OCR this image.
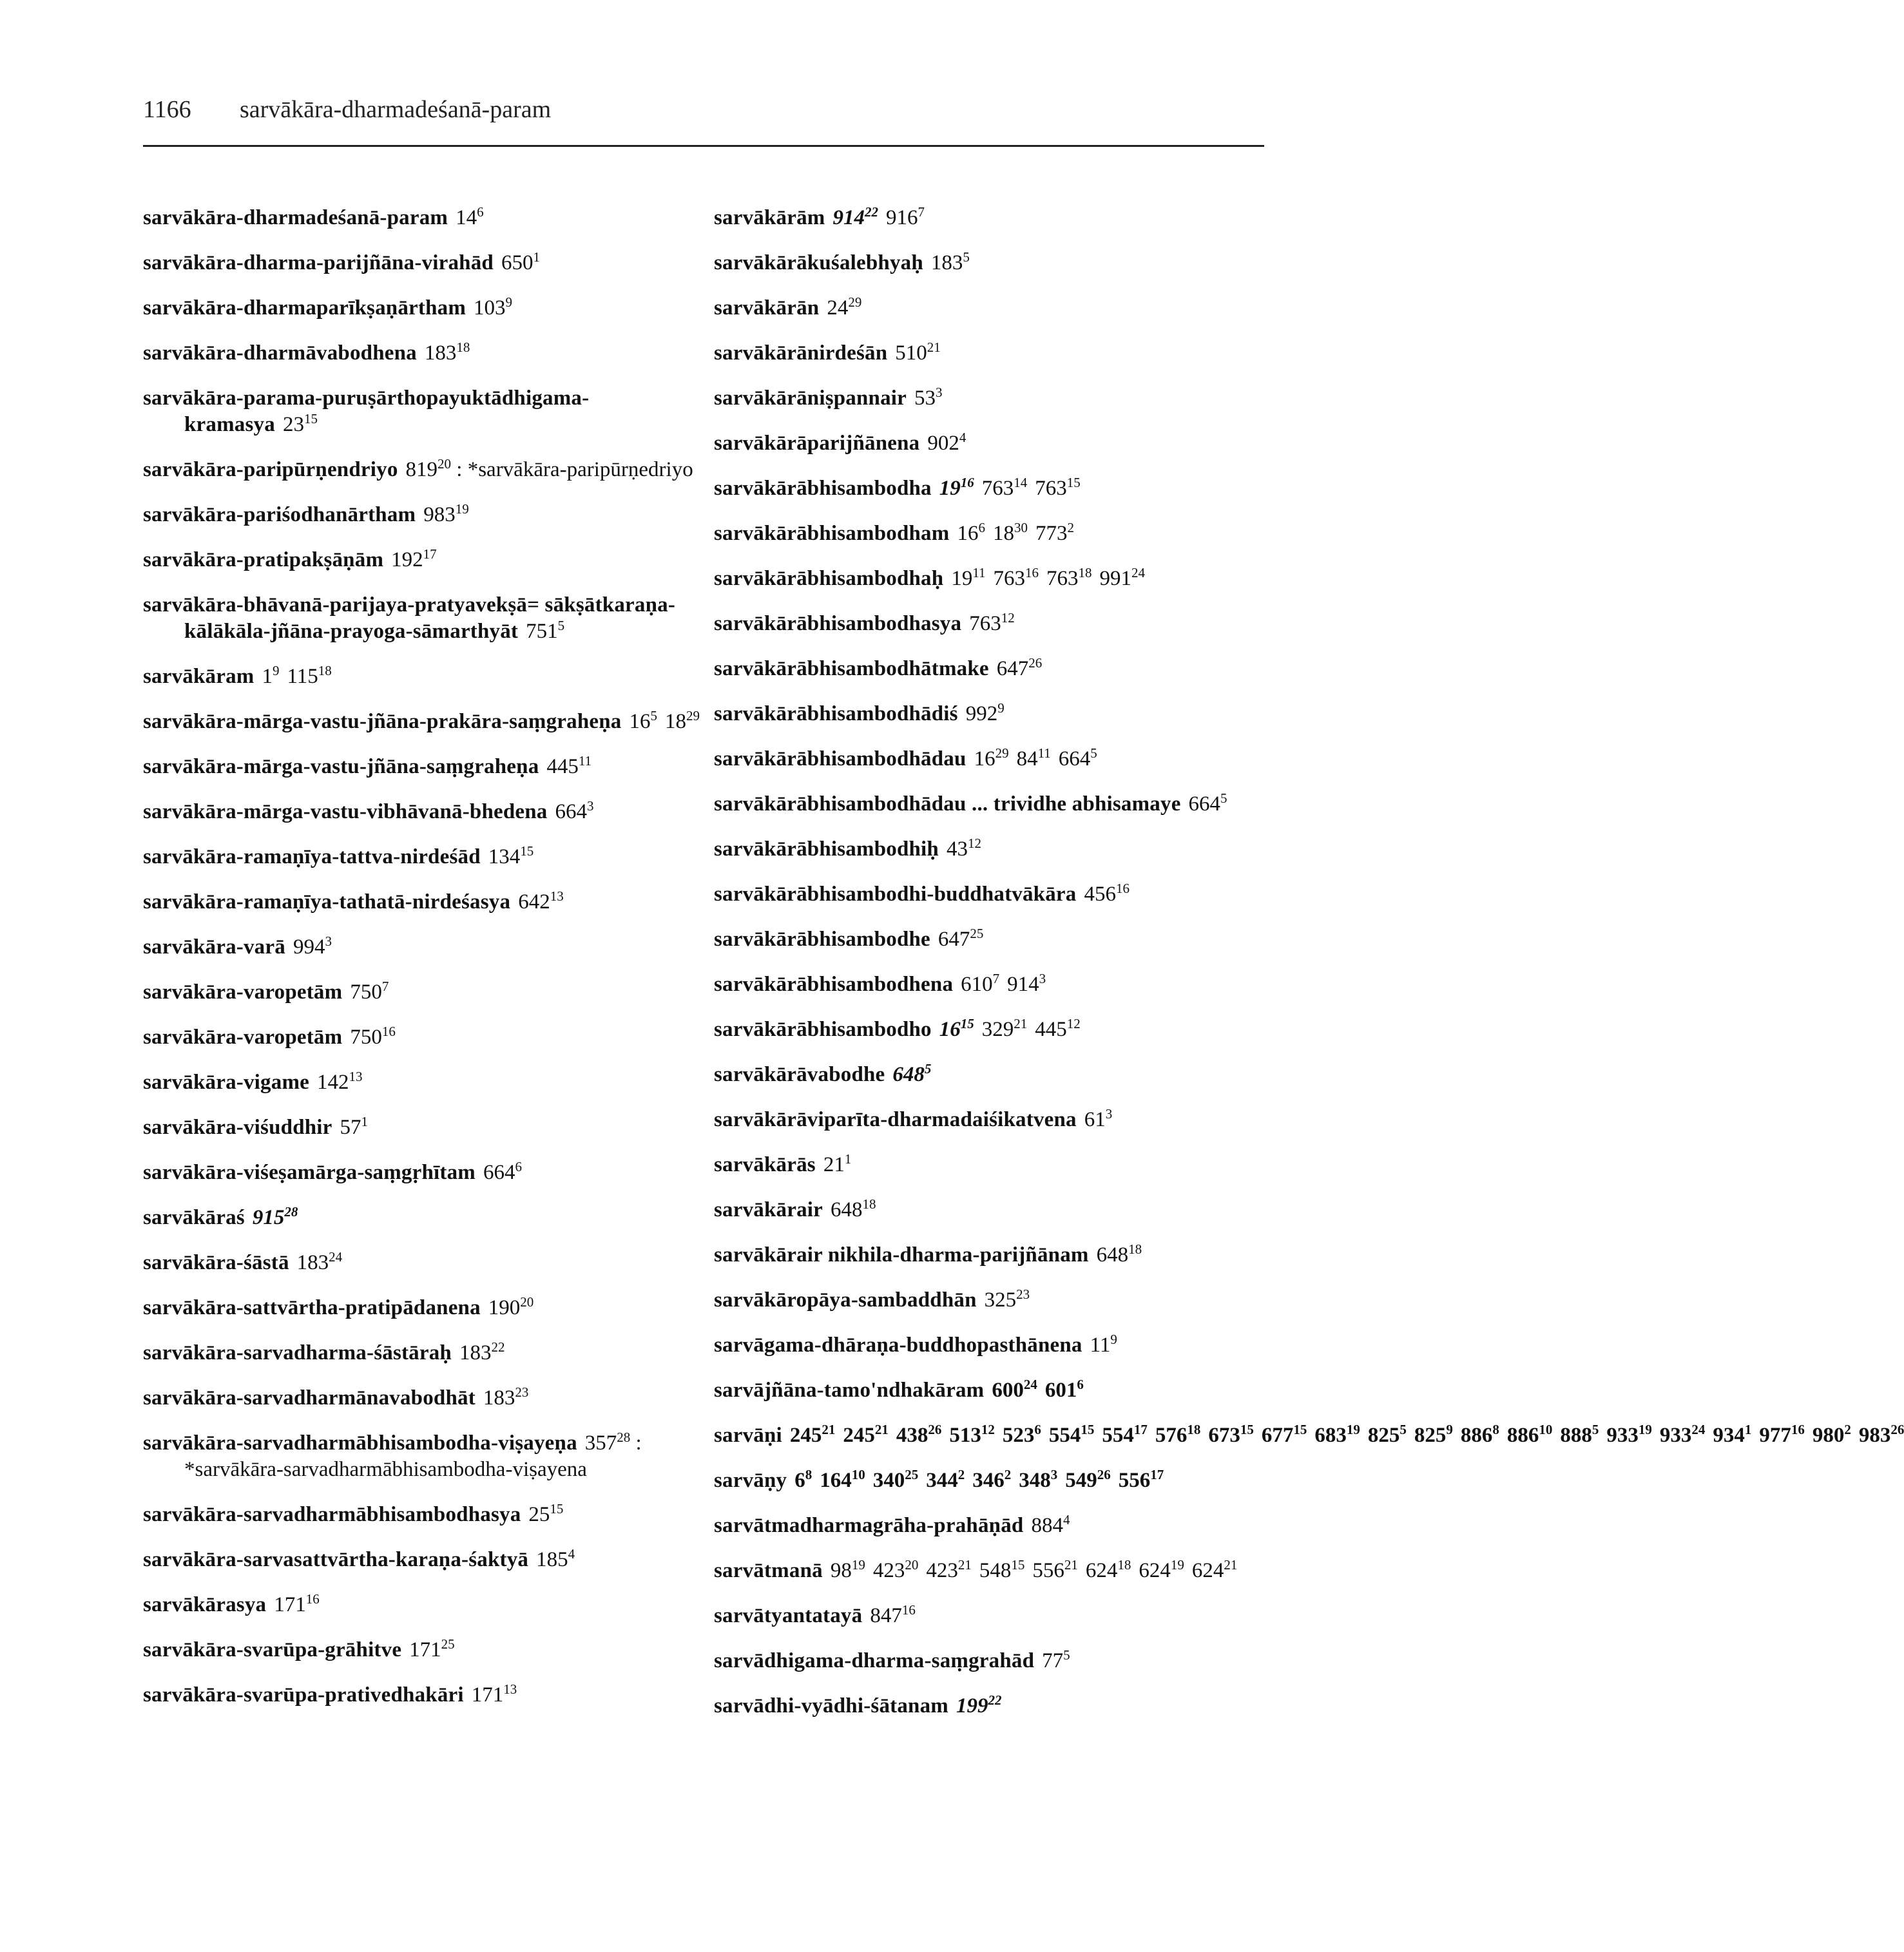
1166 sarvākāra-dharmadeśanā-param
sarvākāra-dharmadeśanā-param $14^6$
sarvākāra-dharma-parijñāna-virahād $650^1$
sarvākāra-dharmaparīkṣaṇārtham $103^9$
sarvākāra-dharmāvabodhena $183^{18}$
sarvākāra-parama-puruṣārthopayuktādhigama-kramasya $23^{15}$
sarvākāra-paripūrṇendriyo $819^{20}$ : *sarvākāra-paripūrṇedriyo
sarvākāra-pariśodhanārtham $983^{19}$
sarvākāra-pratipakṣāṇām $192^{17}$
sarvākāra-bhāvanā-parijaya-pratyavekṣā= sākṣātkaraṇa-kālākāla-jñāna-prayoga-sāmarthyāt $751^5$
sarvākāram $1^9$ $115^{18}$
sarvākāra-mārga-vastu-jñāna-prakāra-saṃgraheṇa $16^5$ $18^{29}$
sarvākāra-mārga-vastu-jñāna-saṃgraheṇa $445^{11}$
sarvākāra-mārga-vastu-vibhāvanā-bhedena $664^3$
sarvākāra-ramaṇīya-tattva-nirdeśād $134^{15}$
sarvākāra-ramaṇīya-tathatā-nirdeśasya $642^{13}$
sarvākāra-varā $994^3$
sarvākāra-varopetām $750^7$
sarvākāra-varopetām $750^{16}$
sarvākāra-vigame $142^{13}$
sarvākāra-viśuddhir $57^1$
sarvākāra-viśeṣamārga-saṃgṛhītam $664^6$
sarvākāraś $915^{28}$
sarvākāra-śāstā $183^{24}$
sarvākāra-sattvārtha-pratipādanena $190^{20}$
sarvākāra-sarvadharma-śāstāraḥ $183^{22}$
sarvākāra-sarvadharmānavabodhāt $183^{23}$
sarvākāra-sarvadharmābhisambodha-viṣayeṇa $357^{28}$ : *sarvākāra-sarvadharmābhisambodha-viṣayena
sarvākāra-sarvadharmābhisambodhasya $25^{15}$
sarvākāra-sarvasattvārtha-karaṇa-śaktyā $185^4$
sarvākārasya $171^{16}$
sarvākāra-svarūpa-grāhitve $171^{25}$
sarvākāra-svarūpa-prativedhakāri $171^{13}$
sarvākārām $914^{22}$ $916^7$
sarvākārākuśalebhyaḥ $183^5$
sarvākārān $24^{29}$
sarvākārānirdeśān $510^{21}$
sarvākārāniṣpannair $53^3$
sarvākārāparijñānena $902^4$
sarvākārābhisambodha $19^{16}$ $763^{14}$ $763^{15}$
sarvākārābhisambodham $16^6$ $18^{30}$ $773^2$
sarvākārābhisambodhaḥ $19^{11}$ $763^{16}$ $763^{18}$ $991^{24}$
sarvākārābhisambodhasya $763^{12}$
sarvākārābhisambodhātmake $647^{26}$
sarvākārābhisambodhādiś $992^9$
sarvākārābhisambodhādau $16^{29}$ $84^{11}$ $664^5$
sarvākārābhisambodhādau ... trividhe abhisamaye $664^5$
sarvākārābhisambodhiḥ $43^{12}$
sarvākārābhisambodhi-buddhatvākāra $456^{16}$
sarvākārābhisambodhe $647^{25}$
sarvākārābhisambodhena $610^7$ $914^3$
sarvākārābhisambodho $16^{15}$ $329^{21}$ $445^{12}$
sarvākārāvabodhe $648^5$
sarvākārāviparīta-dharmadaiśikatvena $61^3$
sarvākārās $21^1$
sarvākārair $648^{18}$
sarvākārair nikhila-dharma-parijñānam $648^{18}$
sarvākāropāya-sambaddhān $325^{23}$
sarvāgama-dhāraṇa-buddhopasthānena $11^9$
sarvājñāna-tamo'ndhakāram $600^{24}$ $601^6$
sarvāṇi $245^{21}$ $245^{21}$ $438^{26}$ $513^{12}$ $523^6$ $554^{15}$ $554^{17}$ $576^{18}$ $673^{15}$ $677^{15}$ $683^{19}$ $825^5$ $825^9$ $886^8$ $886^{10}$ $888^5$ $933^{19}$ $933^{24}$ $934^1$ $977^{16}$ $980^2$ $983^{26}$
sarvāṇy $6^8$ $164^{10}$ $340^{25}$ $344^2$ $346^2$ $348^3$ $549^{26}$ $556^{17}$
sarvātmadharmagrāha-prahāṇād $884^4$
sarvātmanā $98^{19}$ $423^{20}$ $423^{21}$ $548^{15}$ $556^{21}$ $624^{18}$ $624^{19}$ $624^{21}$
sarvātyantatayā $847^{16}$
sarvādhigama-dharma-saṃgrahād $77^5$
sarvādhi-vyādhi-śātanam $199^{22}$
